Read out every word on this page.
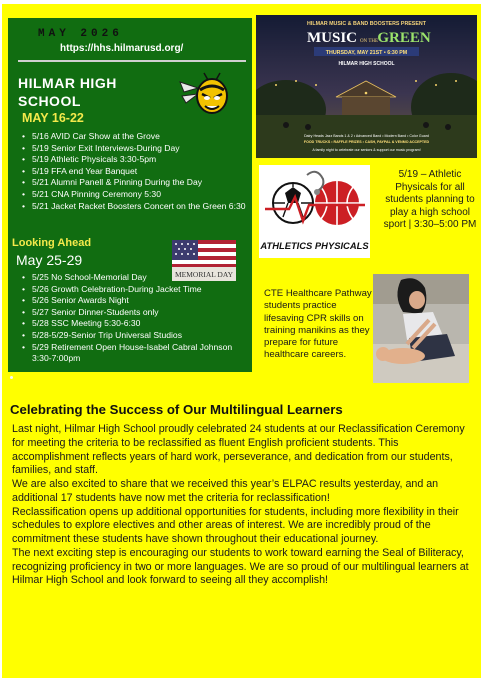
MAY 2026
https://hhs.hilmarusd.org/
HILMAR HIGH SCHOOL
MAY 16-22
• 5/16 AVID Car Show at the Grove
• 5/19 Senior Exit Interviews-During Day
• 5/19 Athletic Physicals 3:30-5pm
• 5/19 FFA end Year Banquet
• 5/21 Alumni Panell & Pinning During the Day
• 5/21 CNA Pinning Ceremony 5:30
• 5/21 Jacket Racket Boosters Concert on the Green 6:30
Looking Ahead
May 25-29
MEMORIAL DAY
• 5/25 No School-Memorial Day
• 5/26 Growth Celebration-During Jacket Time
• 5/26 Senior Awards Night
• 5/27 Senior Dinner-Students only
• 5/28 SSC Meeting 5:30-6:30
• 5/28-5/29-Senior Trip Universal Studios
• 5/29 Retirement Open House-Isabel Cabral Johnson 3:30-7:00pm
HILMAR MUSIC & BAND BOOSTERS PRESENT
MUSIC ON THE GREEN
THURSDAY, MAY 21ST • 6:30 PM
HILMAR HIGH SCHOOL
Dairy Heads Jazz Bands 1 & 2 • Advanced Band • Modern Band • Color Guard
FOOD TRUCKS • RAFFLE PRIZES • CASH, PAYPAL & VENMO ACCEPTED
A family night to celebrate our seniors & support our music program!
ATHLETICS PHYSICALS
5/19 – Athletic Physicals for all students planning to play a high school sport | 3:30–5:00 PM
CTE Healthcare Pathway students practice lifesaving CPR skills on training manikins as they prepare for future healthcare careers.
Celebrating the Success of Our Multilingual Learners

Last night, Hilmar High School proudly celebrated 24 students at our Reclassification Ceremony for meeting the criteria to be reclassified as fluent English proficient students. This accomplishment reflects years of hard work, perseverance, and dedication from our students, families, and staff.

We are also excited to share that we received this year’s ELPAC results yesterday, and an additional 17 students have now met the criteria for reclassification!

Reclassification opens up additional opportunities for students, including more flexibility in their schedules to explore electives and other areas of interest. We are incredibly proud of the commitment these students have shown throughout their educational journey.

The next exciting step is encouraging our students to work toward earning the Seal of Biliteracy, recognizing proficiency in two or more languages. We are so proud of our multilingual learners at Hilmar High School and look forward to seeing all they accomplish!
